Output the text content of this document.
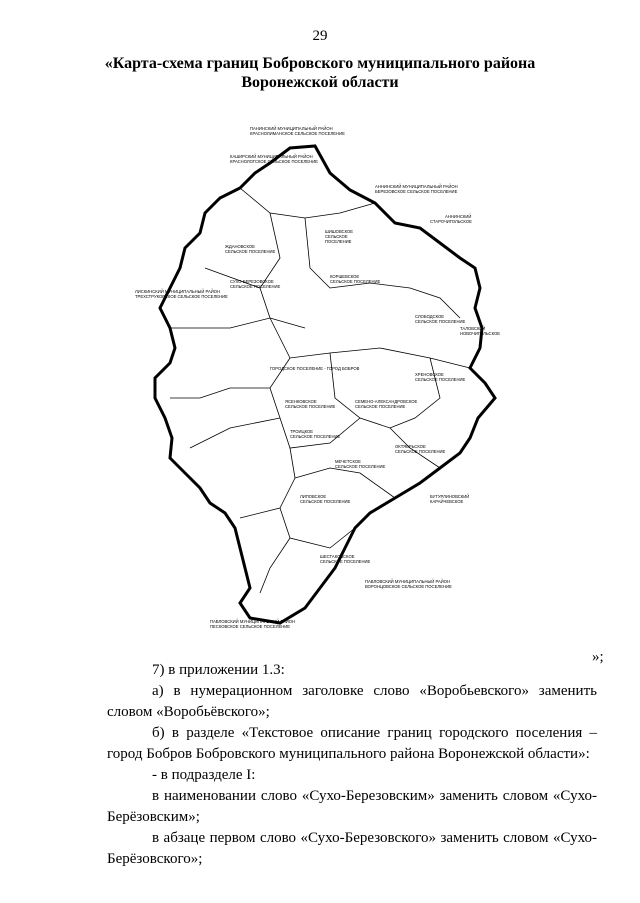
29
«Карта-схема границ Бобровского муниципального района
Воронежской области
ГОРОДСКОЕ ПОСЕЛЕНИЕ - ГОРОД БОБРОВ
ШИШОВСКОЕ
СЕЛЬСКОЕ
ПОСЕЛЕНИЕ
КОРШЕВСКОЕ
СЕЛЬСКОЕ ПОСЕЛЕНИЕ
СУХО-БЕРЕЗОВСКОЕ
СЕЛЬСКОЕ ПОСЕЛЕНИЕ
ЖДАНОВСКОЕ
СЕЛЬСКОЕ ПОСЕЛЕНИЕ
СЛОБОДСКОЕ
СЕЛЬСКОЕ ПОСЕЛЕНИЕ
ХРЕНОВСКОЕ
СЕЛЬСКОЕ ПОСЕЛЕНИЕ
СЕМЕНО-АЛЕКСАНДРОВСКОЕ
СЕЛЬСКОЕ ПОСЕЛЕНИЕ
ЯСЕНКОВСКОЕ
СЕЛЬСКОЕ ПОСЕЛЕНИЕ
ТРОИЦКОЕ
СЕЛЬСКОЕ ПОСЕЛЕНИЕ
МЕЧЕТСКОЕ
СЕЛЬСКОЕ ПОСЕЛЕНИЕ
ОКТЯБРЬСКОЕ
СЕЛЬСКОЕ ПОСЕЛЕНИЕ
ЛИПОВСКОЕ
СЕЛЬСКОЕ ПОСЕЛЕНИЕ
ШЕСТАКОВСКОЕ
СЕЛЬСКОЕ ПОСЕЛЕНИЕ
ПАНИНСКИЙ МУНИЦИПАЛЬНЫЙ РАЙОН
КРАСНОЛИМАНСКОЕ СЕЛЬСКОЕ ПОСЕЛЕНИЕ
КАШИРСКИЙ МУНИЦИПАЛЬНЫЙ РАЙОН
КРАСНОЛОГСКОЕ СЕЛЬСКОЕ ПОСЕЛЕНИЕ
АННИНСКИЙ МУНИЦИПАЛЬНЫЙ РАЙОН
БЕРЕЗОВСКОЕ СЕЛЬСКОЕ ПОСЕЛЕНИЕ
АННИНСКИЙ
СТАРОЧИГОЛЬСКОЕ
ЛИСКИНСКИЙ МУНИЦИПАЛЬНЫЙ РАЙОН
ТРЕХСТРУКОВСКОЕ СЕЛЬСКОЕ ПОСЕЛЕНИЕ
ТАЛОВСКИЙ
НОВОЧИГОЛЬСКОЕ
БУТУРЛИНОВСКИЙ
КАРАЙЧЕВСКОЕ
ПАВЛОВСКИЙ МУНИЦИПАЛЬНЫЙ РАЙОН
ПЕСКОВСКОЕ СЕЛЬСКОЕ ПОСЕЛЕНИЕ
ПАВЛОВСКИЙ МУНИЦИПАЛЬНЫЙ РАЙОН
ВОРОНЦОВСКОЕ СЕЛЬСКОЕ ПОСЕЛЕНИЕ
»;

7) в приложении 1.3:

а) в нумерационном заголовке слово «Воробьевского» заменить словом «Воробьёвского»;

б) в разделе «Текстовое описание границ городского поселения – город Бобров Бобровского муниципального района Воронежской области»:

- в подразделе I:

в наименовании слово «Сухо-Березовским» заменить словом «Сухо-Берёзовским»;

в абзаце первом слово «Сухо-Березовского» заменить словом «Сухо-Берёзовского»;
